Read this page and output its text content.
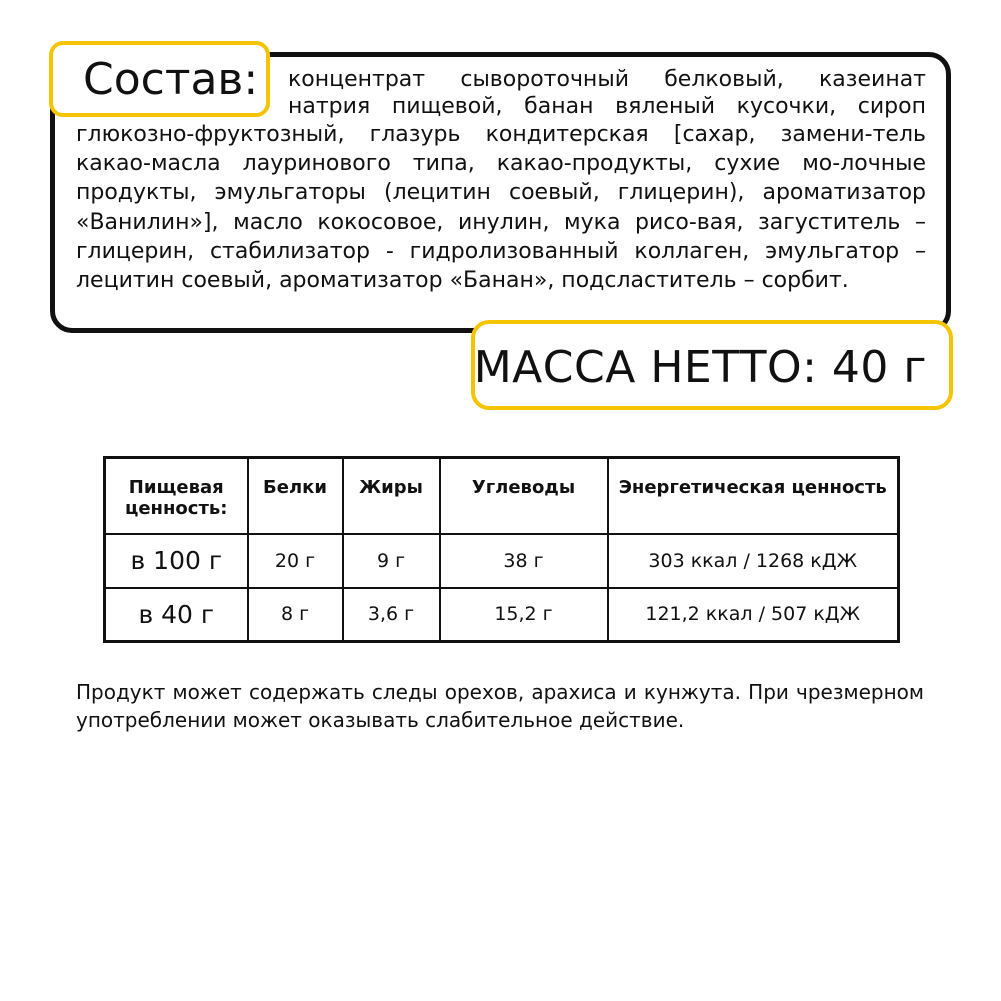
Состав: концентрат сывороточный белковый, казеинат натрия пищевой, банан вяленый кусочки, сироп
глюкозно-фруктозный, глазурь кондитерская [сахар, замени-тель какао-масла лауринового типа, какао-продукты, сухие мо-лочные продукты, эмульгаторы (лецитин соевый, глицерин), ароматизатор «Ванилин»], масло кокосовое, инулин, мука рисо-вая, загуститель – глицерин, стабилизатор - гидролизованный коллаген, эмульгатор – лецитин соевый, ароматизатор «Банан», подсластитель – сорбит.
МАССА НЕТТО: 40 г
Пищевая ценность:	Белки	Жиры	Углеводы	Энергетическая ценность
в 100 г	20 г	9 г	38 г	303 ккал / 1268 кДЖ
в 40 г	8 г	3,6 г	15,2 г	121,2 ккал / 507 кДЖ
Продукт может содержать следы орехов, арахиса и кунжута. При чрезмерном употреблении может оказывать слабительное действие.
